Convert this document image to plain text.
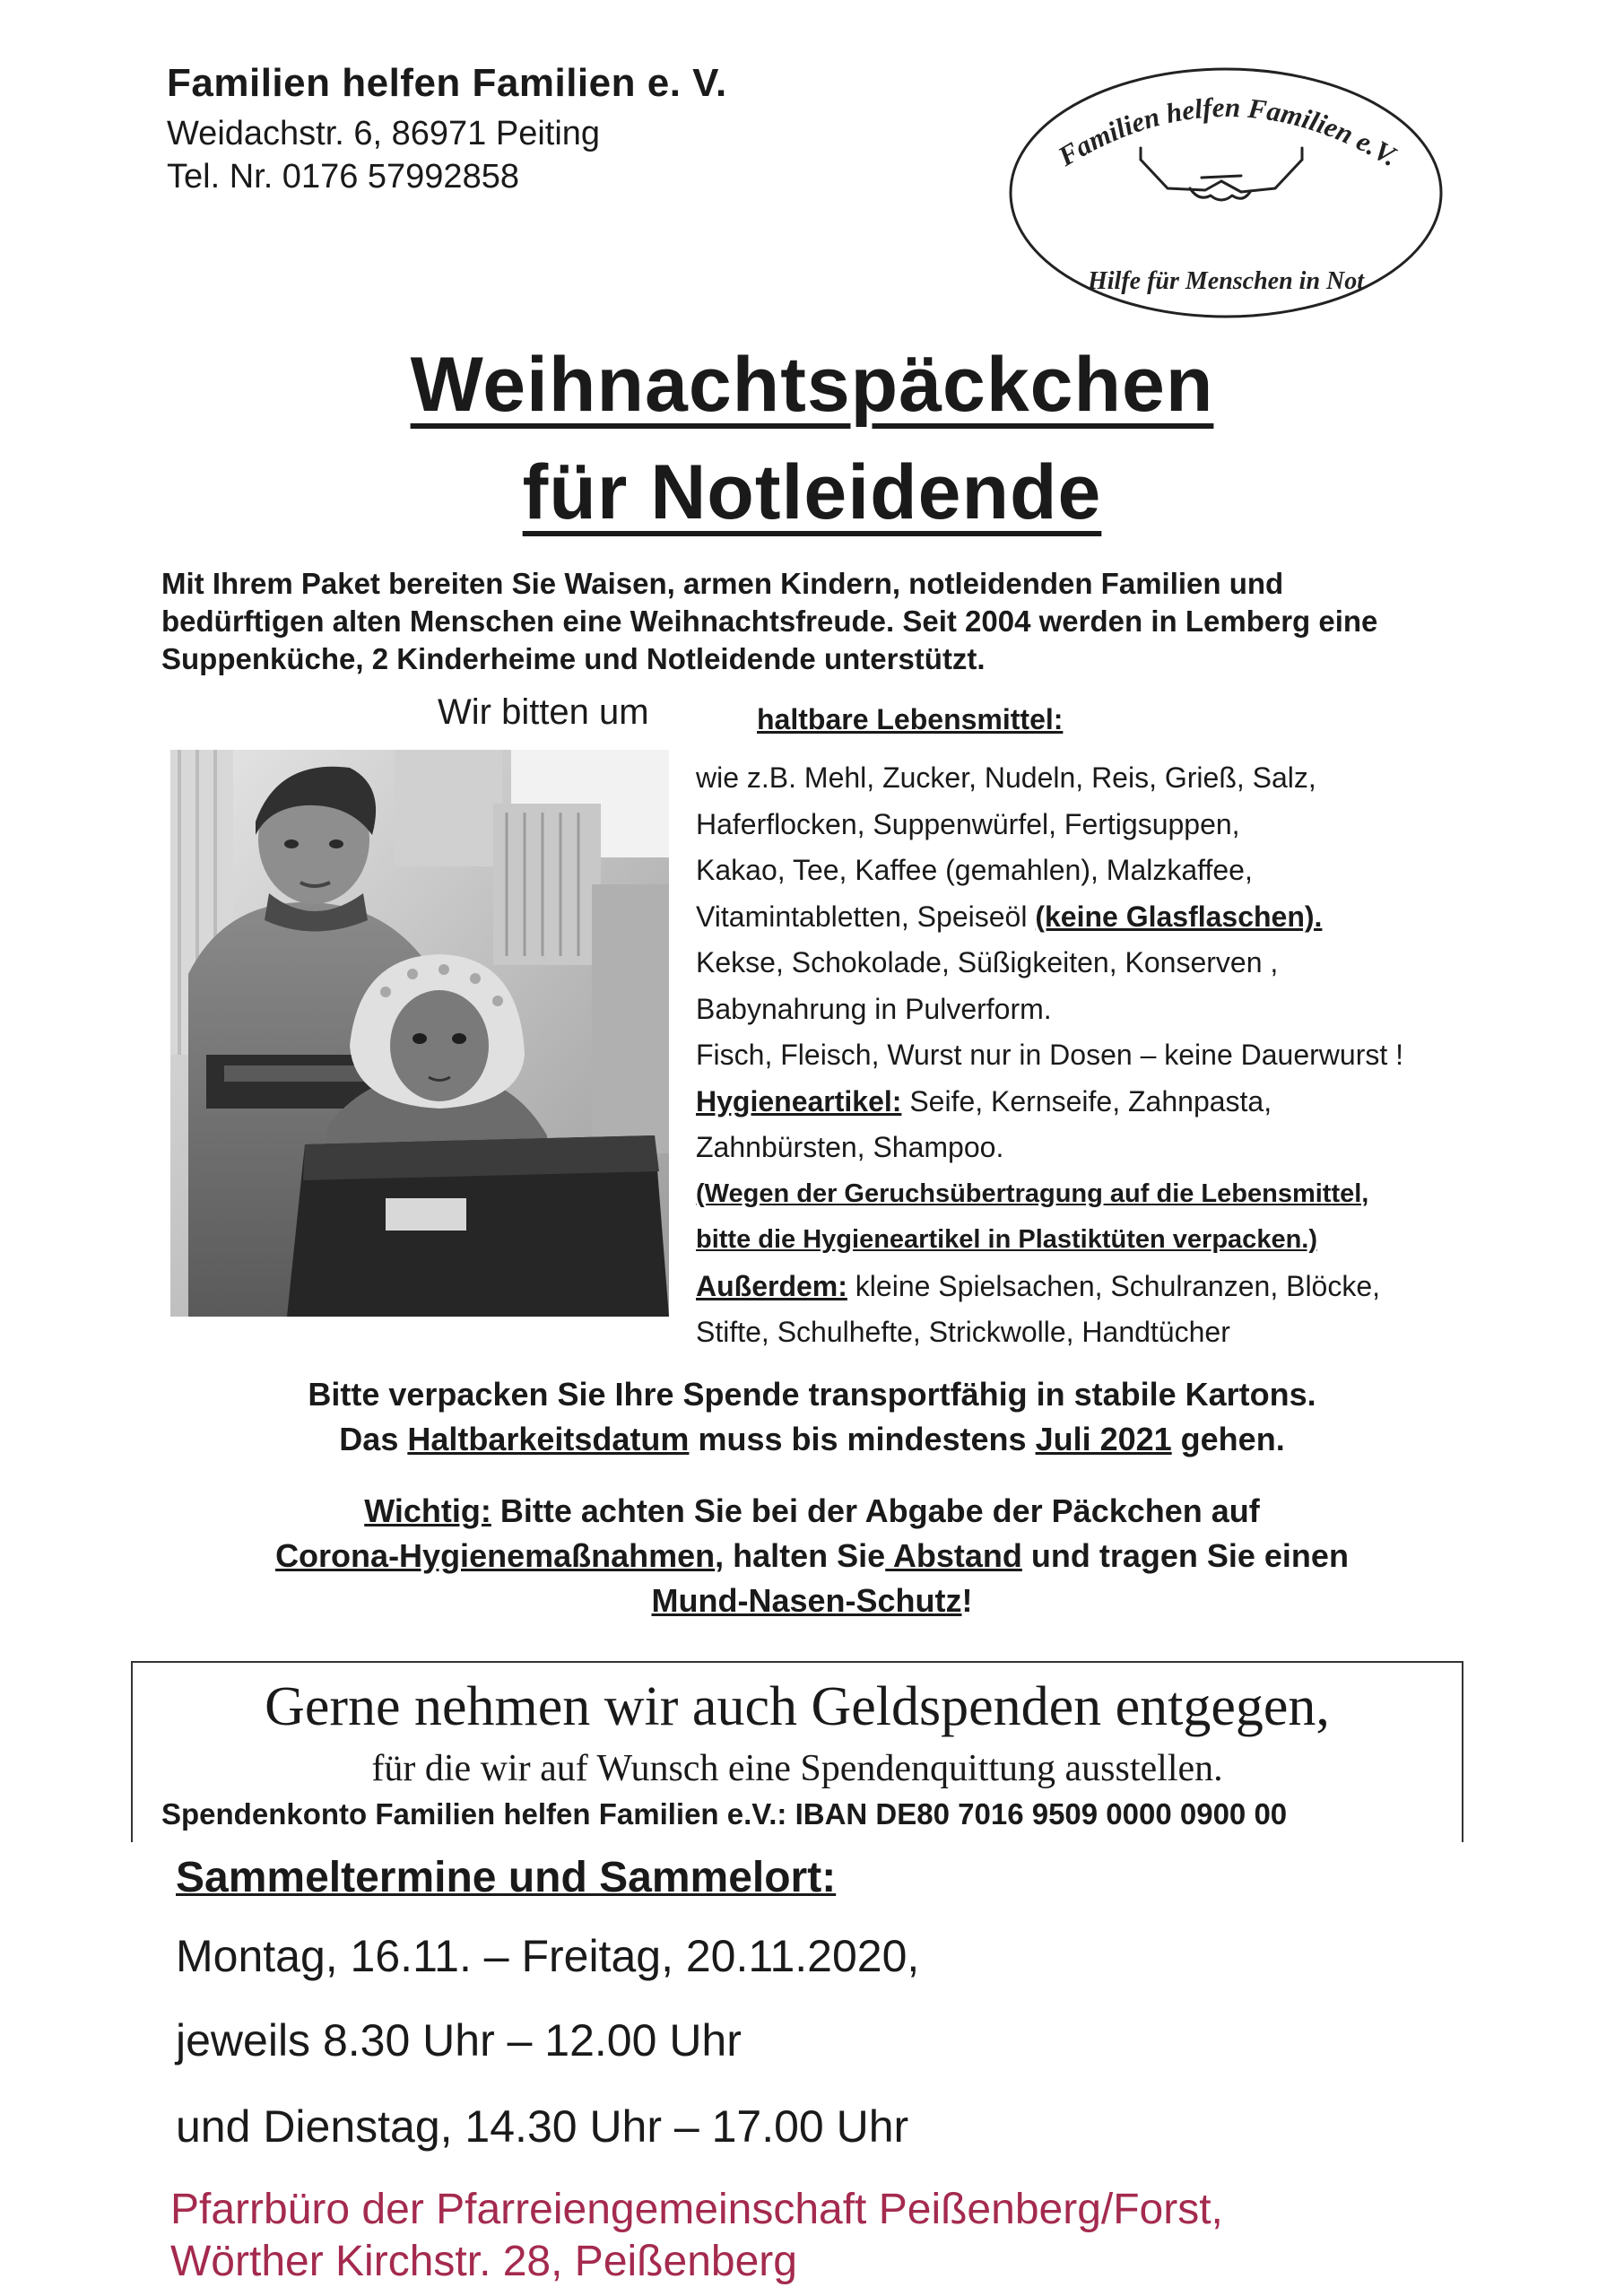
Familien helfen Familien e. V.
Weidachstr. 6, 86971 Peiting
Tel. Nr. 0176 57992858
Familien helfen Familien e.V.
Hilfe für Menschen in Not
Weihnachtspäckchen
für Notleidende
Mit Ihrem Paket bereiten Sie Waisen, armen Kindern, notleidenden Familien und
bedürftigen alten Menschen eine Weihnachtsfreude. Seit 2004 werden in Lemberg eine
Suppenküche, 2 Kinderheime und Notleidende unterstützt.
Wir bitten um	haltbare Lebensmittel:
wie z.B. Mehl, Zucker, Nudeln, Reis, Grieß, Salz,
Haferflocken, Suppenwürfel, Fertigsuppen,
Kakao, Tee, Kaffee (gemahlen), Malzkaffee,
Vitamintabletten, Speiseöl (keine Glasflaschen).
Kekse, Schokolade, Süßigkeiten, Konserven ,
Babynahrung in Pulverform.
Fisch, Fleisch, Wurst nur in Dosen – keine Dauerwurst !
Hygieneartikel: Seife, Kernseife, Zahnpasta,
Zahnbürsten, Shampoo.
(Wegen der Geruchsübertragung auf die Lebensmittel,
bitte die Hygieneartikel in Plastiktüten verpacken.)
Außerdem: kleine Spielsachen, Schulranzen, Blöcke,
Stifte, Schulhefte, Strickwolle, Handtücher
Bitte verpacken Sie Ihre Spende transportfähig in stabile Kartons.
Das Haltbarkeitsdatum muss bis mindestens Juli 2021 gehen.
Wichtig: Bitte achten Sie bei der Abgabe der Päckchen auf
Corona-Hygienemaßnahmen, halten Sie Abstand und tragen Sie einen
Mund-Nasen-Schutz!
Gerne nehmen wir auch Geldspenden entgegen,
für die wir auf Wunsch eine Spendenquittung ausstellen.
Spendenkonto Familien helfen Familien e.V.: IBAN DE80 7016 9509 0000 0900 00
Sammeltermine und Sammelort:
Montag, 16.11. – Freitag, 20.11.2020,
jeweils 8.30 Uhr – 12.00 Uhr
und Dienstag, 14.30 Uhr – 17.00 Uhr
Pfarrbüro der Pfarreiengemeinschaft Peißenberg/Forst,
Wörther Kirchstr. 28, Peißenberg
